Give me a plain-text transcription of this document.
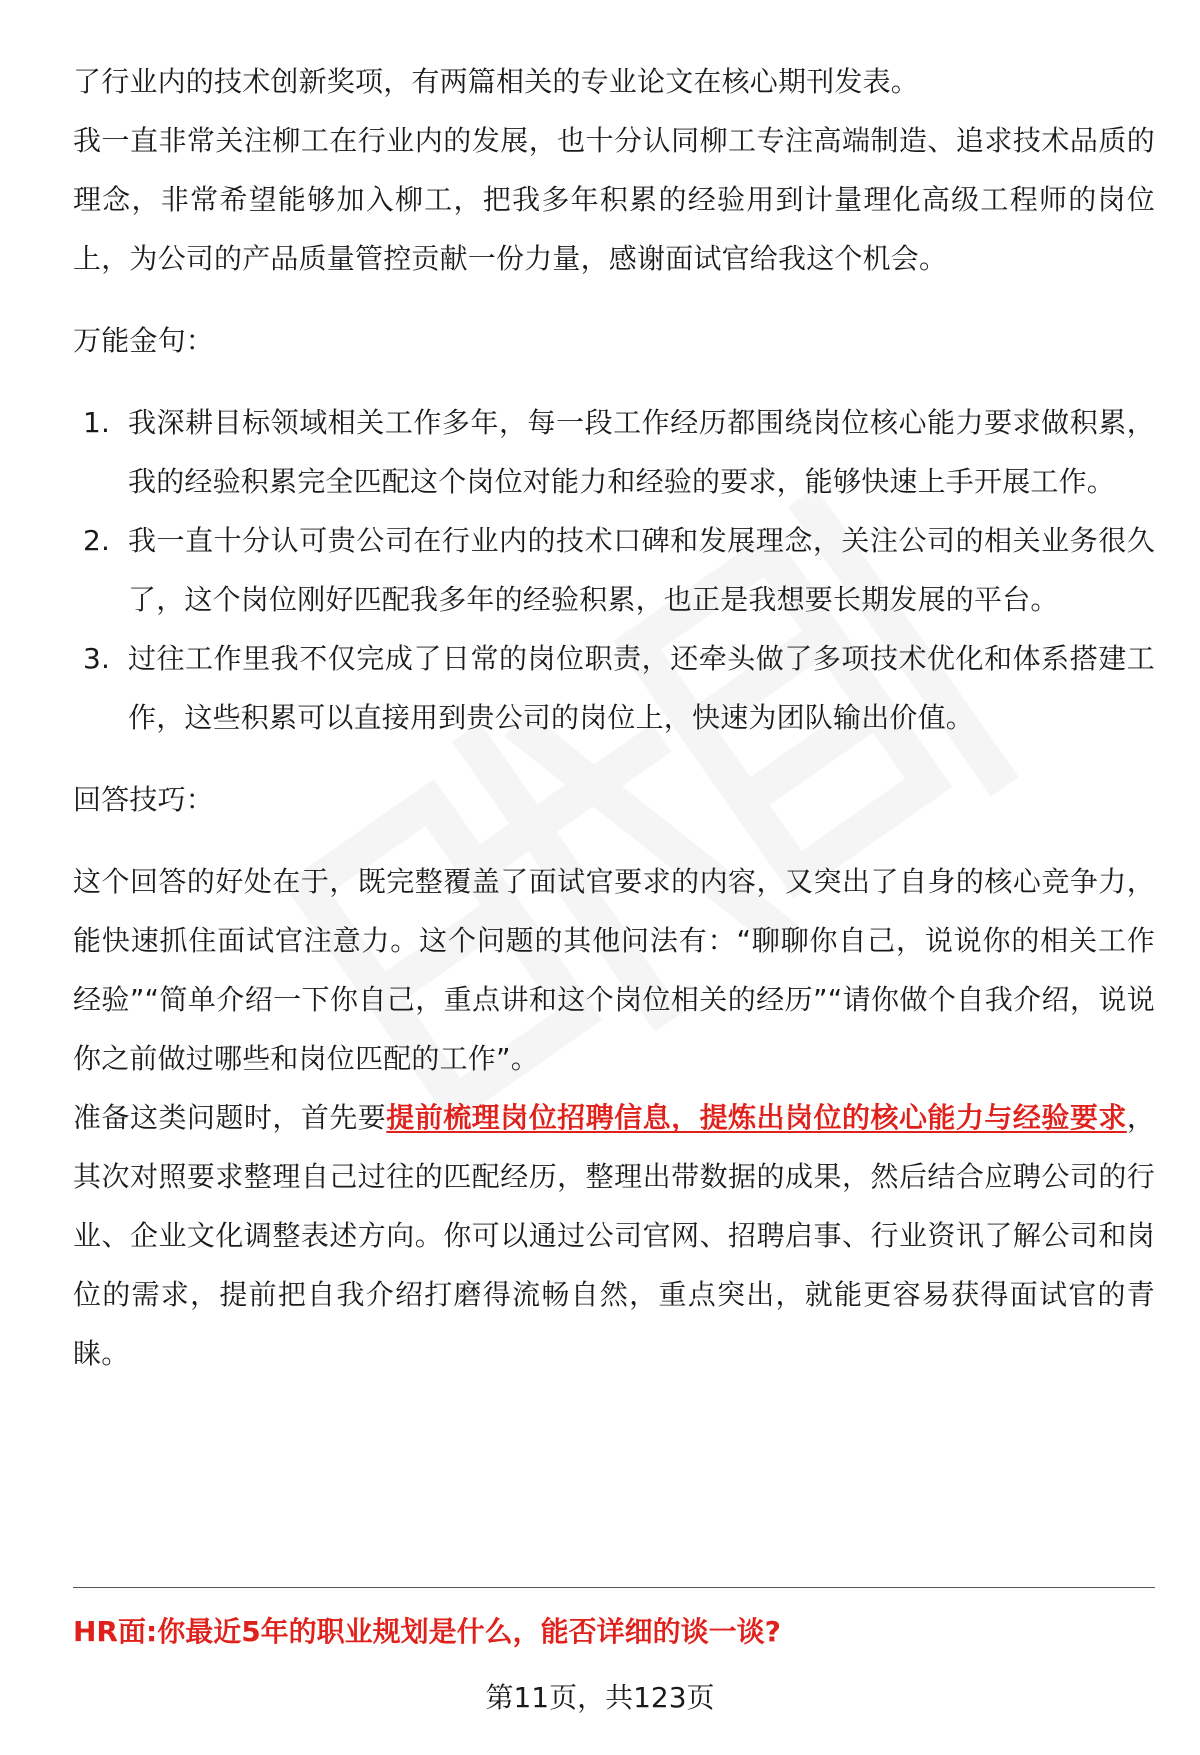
了行业内的技术创新奖项，有两篇相关的专业论文在核心期刊发表。

我一直非常关注柳工在行业内的发展，也十分认同柳工专注高端制造、追求技术品质的理念，非常希望能够加入柳工，把我多年积累的经验用到计量理化高级工程师的岗位上，为公司的产品质量管控贡献一份力量，感谢面试官给我这个机会。

万能金句：

1. 我深耕目标领域相关工作多年，每一段工作经历都围绕岗位核心能力要求做积累，我的经验积累完全匹配这个岗位对能力和经验的要求，能够快速上手开展工作。
2. 我一直十分认可贵公司在行业内的技术口碑和发展理念，关注公司的相关业务很久了，这个岗位刚好匹配我多年的经验积累，也正是我想要长期发展的平台。
3. 过往工作里我不仅完成了日常的岗位职责，还牵头做了多项技术优化和体系搭建工作，这些积累可以直接用到贵公司的岗位上，快速为团队输出价值。

回答技巧：

这个回答的好处在于，既完整覆盖了面试官要求的内容，又突出了自身的核心竞争力，能快速抓住面试官注意力。这个问题的其他问法有：“聊聊你自己，说说你的相关工作经验”“简单介绍一下你自己，重点讲和这个岗位相关的经历”“请你做个自我介绍，说说你之前做过哪些和岗位匹配的工作”。

准备这类问题时，首先要提前梳理岗位招聘信息，提炼出岗位的核心能力与经验要求，其次对照要求整理自己过往的匹配经历，整理出带数据的成果，然后结合应聘公司的行业、企业文化调整表述方向。你可以通过公司官网、招聘启事、行业资讯了解公司和岗位的需求，提前把自我介绍打磨得流畅自然，重点突出，就能更容易获得面试官的青睐。

HR面:你最近5年的职业规划是什么，能否详细的谈一谈?
第11页，共123页
